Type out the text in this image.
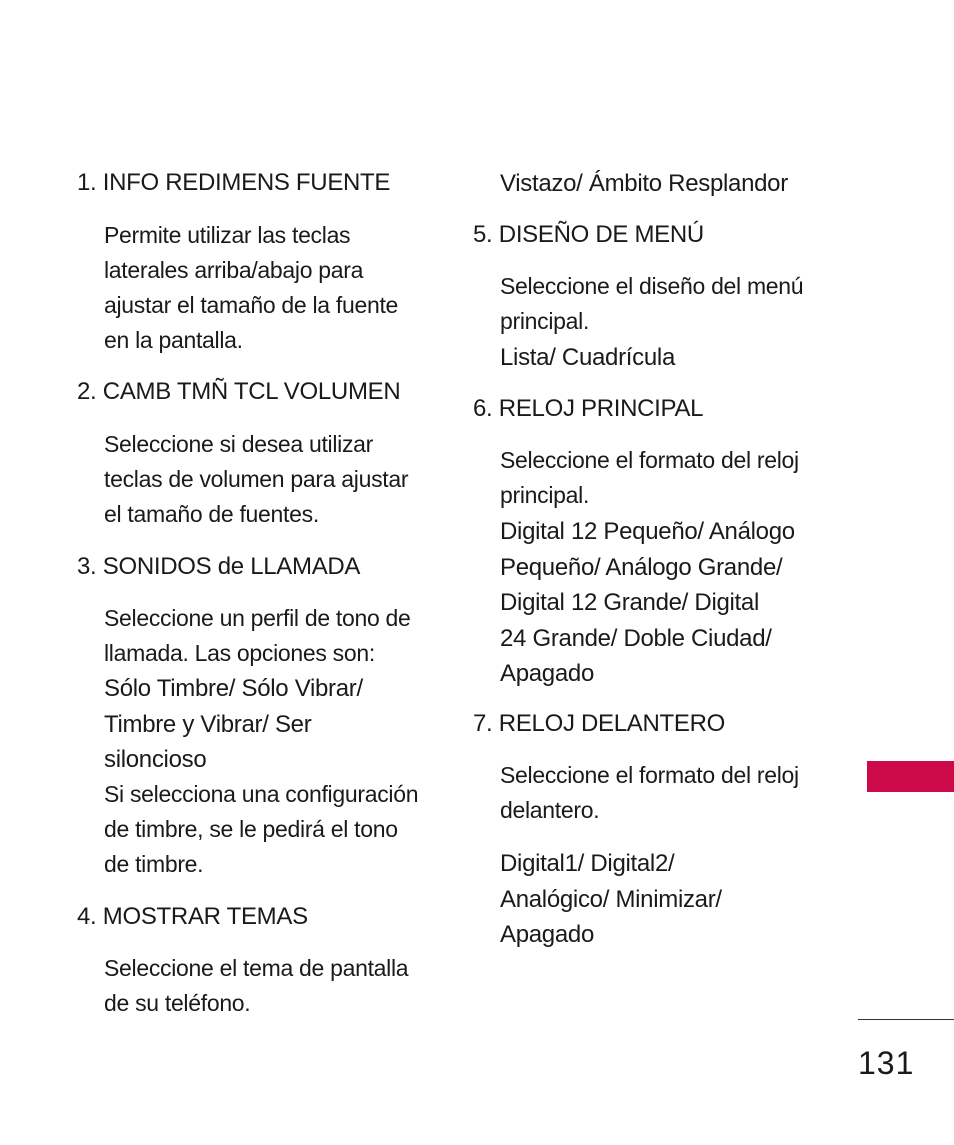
1. INFO REDIMENS FUENTE
Permite utilizar las teclas
laterales arriba/abajo para
ajustar el tamaño de la fuente
en la pantalla.
2. CAMB TMÑ TCL VOLUMEN
Seleccione si desea utilizar
teclas de volumen para ajustar
el tamaño de fuentes.
3. SONIDOS de LLAMADA
Seleccione un perfil de tono de
llamada. Las opciones son:
Sólo Timbre/ Sólo Vibrar/
Timbre y Vibrar/ Ser
siloncioso
Si selecciona una configuración
de timbre, se le pedirá el tono
de timbre.
4. MOSTRAR TEMAS
Seleccione el tema de pantalla
de su teléfono.
Vistazo/ Ámbito Resplandor
5. DISEÑO DE MENÚ
Seleccione el diseño del menú
principal.
Lista/ Cuadrícula
6. RELOJ PRINCIPAL
Seleccione el formato del reloj
principal.
Digital 12 Pequeño/ Análogo
Pequeño/ Análogo Grande/
Digital 12 Grande/ Digital
24 Grande/ Doble Ciudad/
Apagado
7. RELOJ DELANTERO
Seleccione el formato del reloj
delantero.
Digital1/ Digital2/
Analógico/ Minimizar/
Apagado
131
